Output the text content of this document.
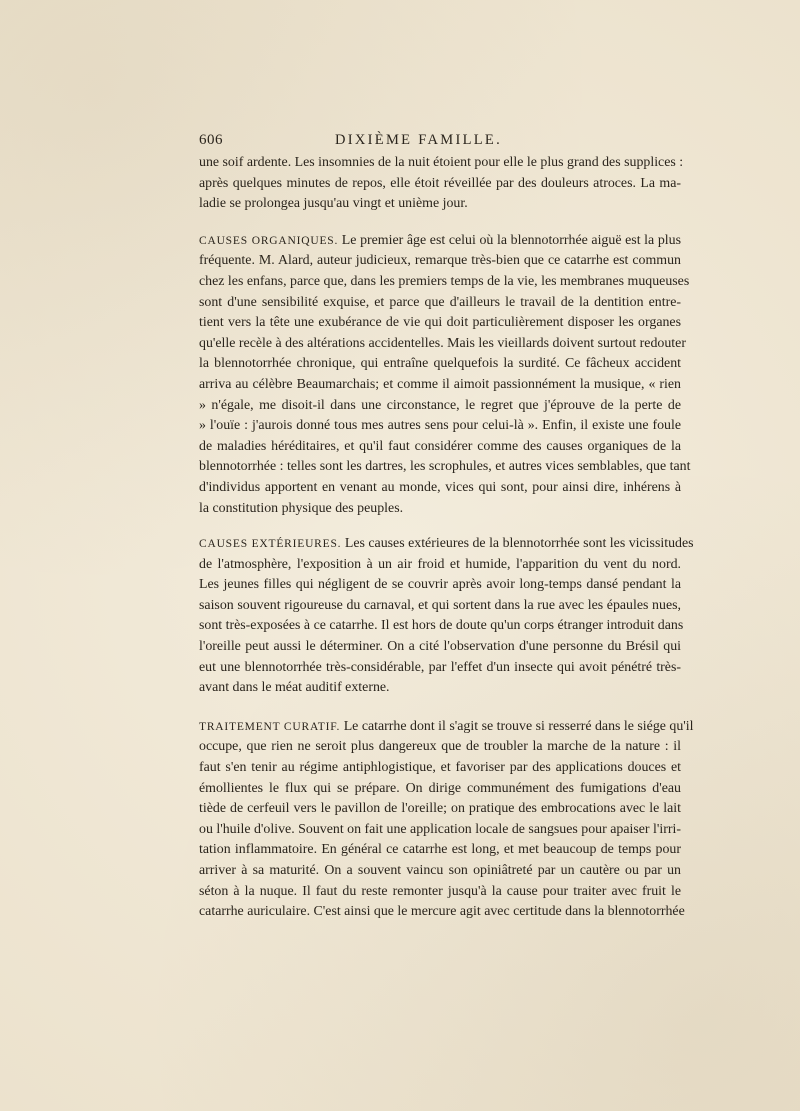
606	DIXIÈME FAMILLE.

une soif ardente. Les insomnies de la nuit étoient pour elle le plus grand des supplices :
après quelques minutes de repos, elle étoit réveillée par des douleurs atroces. La ma-
ladie se prolongea jusqu'au vingt et unième jour.

CAUSES ORGANIQUES. Le premier âge est celui où la blennotorrhée aiguë est la plus
fréquente. M. Alard, auteur judicieux, remarque très-bien que ce catarrhe est commun
chez les enfans, parce que, dans les premiers temps de la vie, les membranes muqueuses
sont d'une sensibilité exquise, et parce que d'ailleurs le travail de la dentition entre-
tient vers la tête une exubérance de vie qui doit particulièrement disposer les organes
qu'elle recèle à des altérations accidentelles. Mais les vieillards doivent surtout redouter
la blennotorrhée chronique, qui entraîne quelquefois la surdité. Ce fâcheux accident
arriva au célèbre Beaumarchais; et comme il aimoit passionnément la musique, « rien
» n'égale, me disoit-il dans une circonstance, le regret que j'éprouve de la perte de
» l'ouïe : j'aurois donné tous mes autres sens pour celui-là ». Enfin, il existe une foule
de maladies héréditaires, et qu'il faut considérer comme des causes organiques de la
blennotorrhée : telles sont les dartres, les scrophules, et autres vices semblables, que tant
d'individus apportent en venant au monde, vices qui sont, pour ainsi dire, inhérens à
la constitution physique des peuples.

CAUSES EXTÉRIEURES. Les causes extérieures de la blennotorrhée sont les vicissitudes
de l'atmosphère, l'exposition à un air froid et humide, l'apparition du vent du nord.
Les jeunes filles qui négligent de se couvrir après avoir long-temps dansé pendant la
saison souvent rigoureuse du carnaval, et qui sortent dans la rue avec les épaules nues,
sont très-exposées à ce catarrhe. Il est hors de doute qu'un corps étranger introduit dans
l'oreille peut aussi le déterminer. On a cité l'observation d'une personne du Brésil qui
eut une blennotorrhée très-considérable, par l'effet d'un insecte qui avoit pénétré très-
avant dans le méat auditif externe.

TRAITEMENT CURATIF. Le catarrhe dont il s'agit se trouve si resserré dans le siége qu'il
occupe, que rien ne seroit plus dangereux que de troubler la marche de la nature : il
faut s'en tenir au régime antiphlogistique, et favoriser par des applications douces et
émollientes le flux qui se prépare. On dirige communément des fumigations d'eau
tiède de cerfeuil vers le pavillon de l'oreille; on pratique des embrocations avec le lait
ou l'huile d'olive. Souvent on fait une application locale de sangsues pour apaiser l'irri-
tation inflammatoire. En général ce catarrhe est long, et met beaucoup de temps pour
arriver à sa maturité. On a souvent vaincu son opiniâtreté par un cautère ou par un
séton à la nuque. Il faut du reste remonter jusqu'à la cause pour traiter avec fruit le
catarrhe auriculaire. C'est ainsi que le mercure agit avec certitude dans la blennotorrhée
